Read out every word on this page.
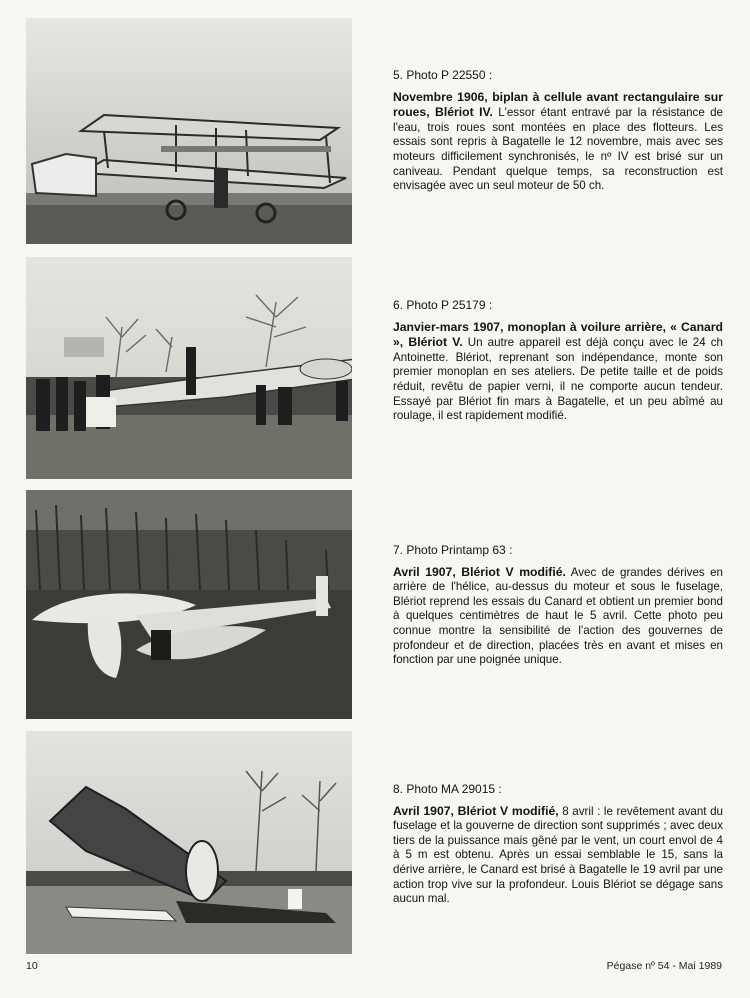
5. Photo P 22550 :

Novembre 1906, biplan à cellule avant rectangulaire sur roues, Blériot IV. L'essor étant entravé par la résistance de l'eau, trois roues sont montées en place des flotteurs. Les essais sont repris à Bagatelle le 12 novembre, mais avec ses moteurs difficilement synchronisés, le nº IV est brisé sur un caniveau. Pendant quelque temps, sa reconstruction est envisagée avec un seul moteur de 50 ch.

6. Photo P 25179 :

Janvier-mars 1907, monoplan à voilure arrière, « Canard », Blériot V. Un autre appareil est déjà conçu avec le 24 ch Antoinette. Blériot, reprenant son indépendance, monte son premier monoplan en ses ateliers. De petite taille et de poids réduit, revêtu de papier verni, il ne comporte aucun tendeur. Essayé par Blériot fin mars à Bagatelle, et un peu abîmé au roulage, il est rapidement modifié.

7. Photo Printamp 63 :

Avril 1907, Blériot V modifié. Avec de grandes dérives en arrière de l'hélice, au-dessus du moteur et sous le fuselage, Blériot reprend les essais du Canard et obtient un premier bond à quelques centimètres de haut le 5 avril. Cette photo peu connue montre la sensibilité de l'action des gouvernes de profondeur et de direction, placées très en avant et mises en fonction par une poignée unique.

8. Photo MA 29015 :

Avril 1907, Blériot V modifié, 8 avril : le revêtement avant du fuselage et la gouverne de direction sont supprimés ; avec deux tiers de la puissance mais gêné par le vent, un court envol de 4 à 5 m est obtenu. Après un essai semblable le 15, sans la dérive arrière, le Canard est brisé à Bagatelle le 19 avril par une action trop vive sur la profondeur. Louis Blériot se dégage sans aucun mal.

10	Pégase nº 54 - Mai 1989
